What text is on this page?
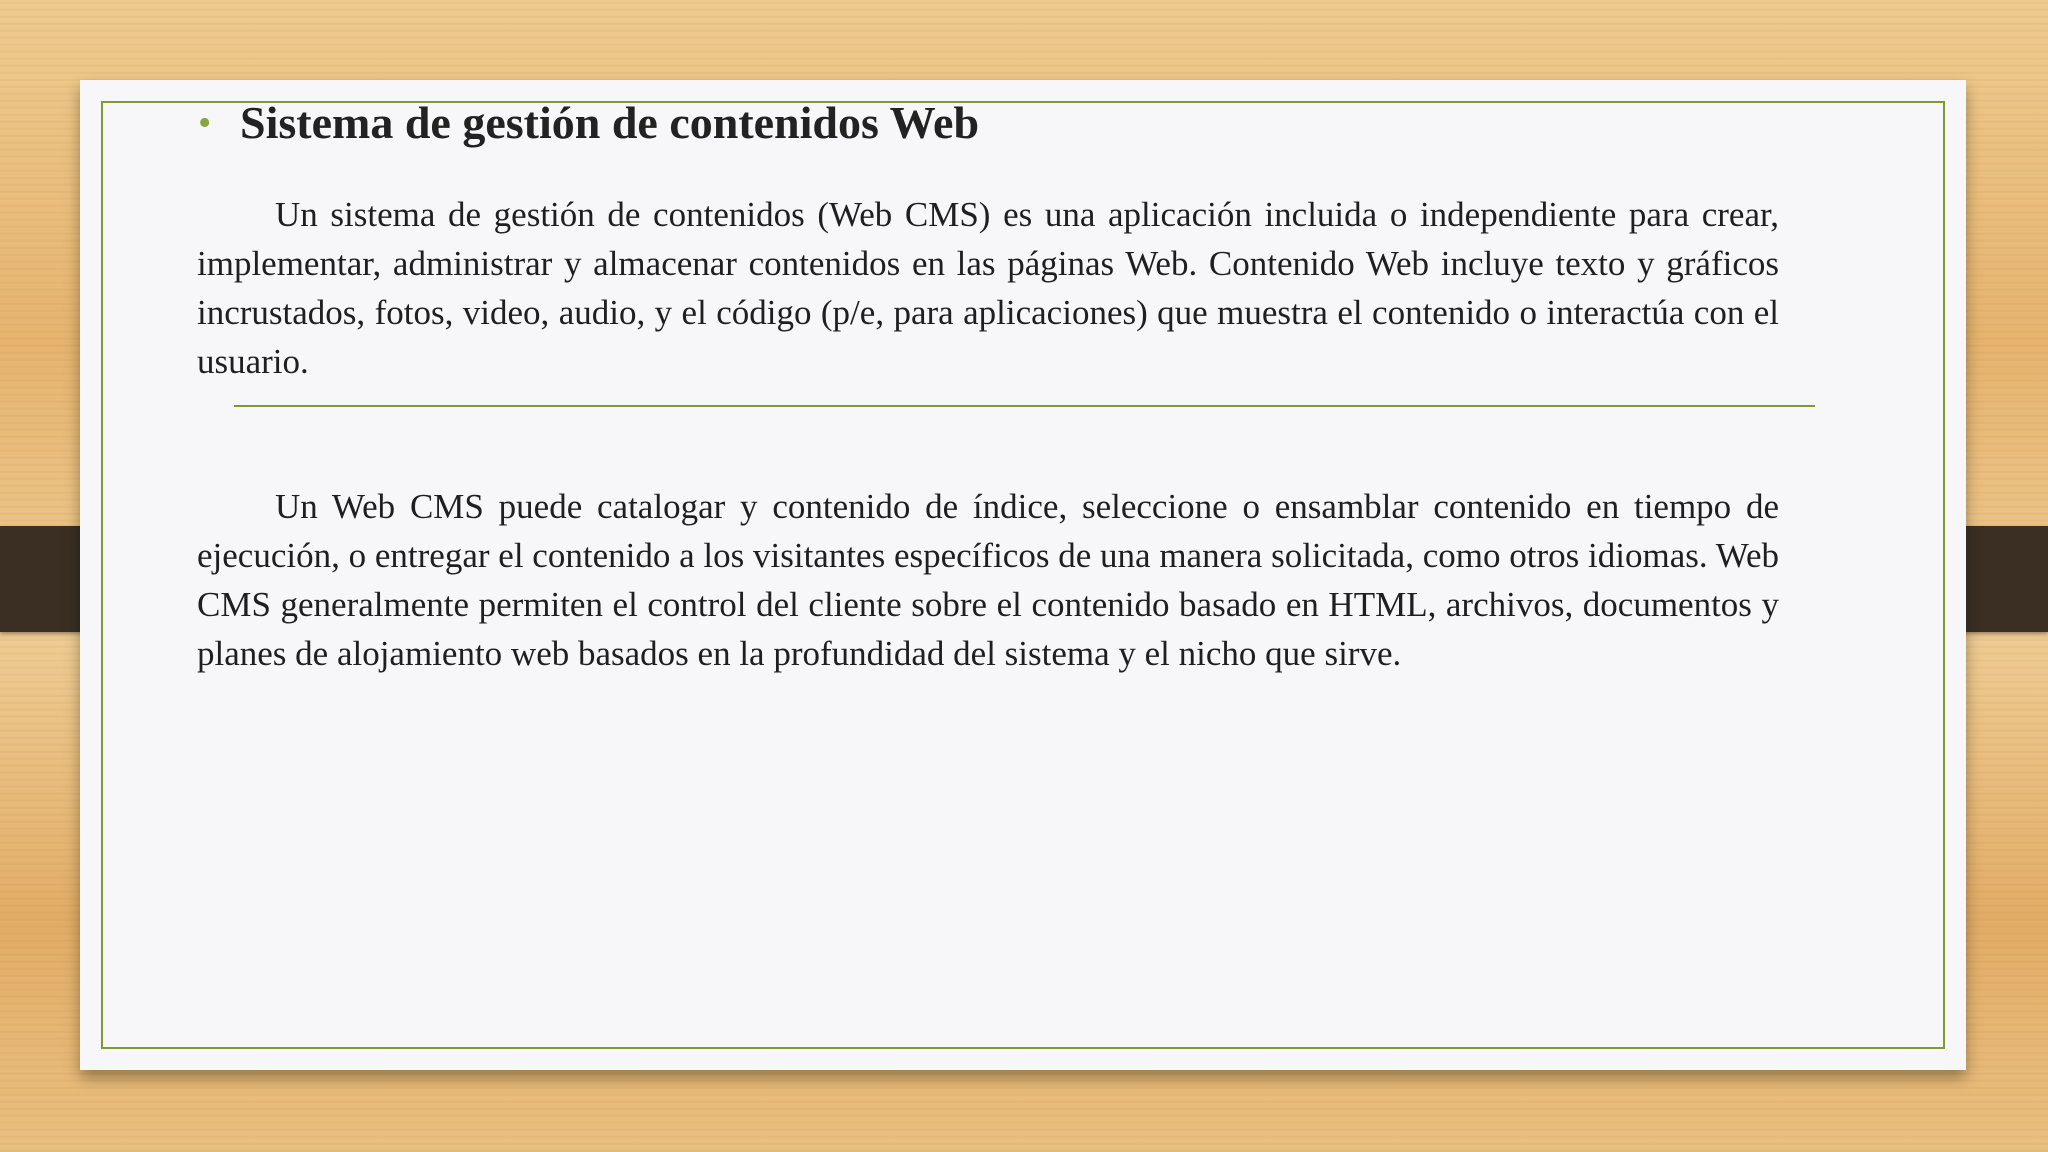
• Sistema de gestión de contenidos Web

Un sistema de gestión de contenidos (Web CMS) es una aplicación incluida o independiente para crear, implementar, administrar y almacenar contenidos en las páginas Web. Contenido Web incluye texto y gráficos incrustados, fotos, video, audio, y el código (p/e, para aplicaciones) que muestra el contenido o interactúa con el usuario.

Un Web CMS puede catalogar y contenido de índice, seleccione o ensamblar contenido en tiempo de ejecución, o entregar el contenido a los visitantes específicos de una manera solicitada, como otros idiomas. Web CMS generalmente permiten el control del cliente sobre el contenido basado en HTML, archivos, documentos y planes de alojamiento web basados en la profundidad del sistema y el nicho que sirve.
